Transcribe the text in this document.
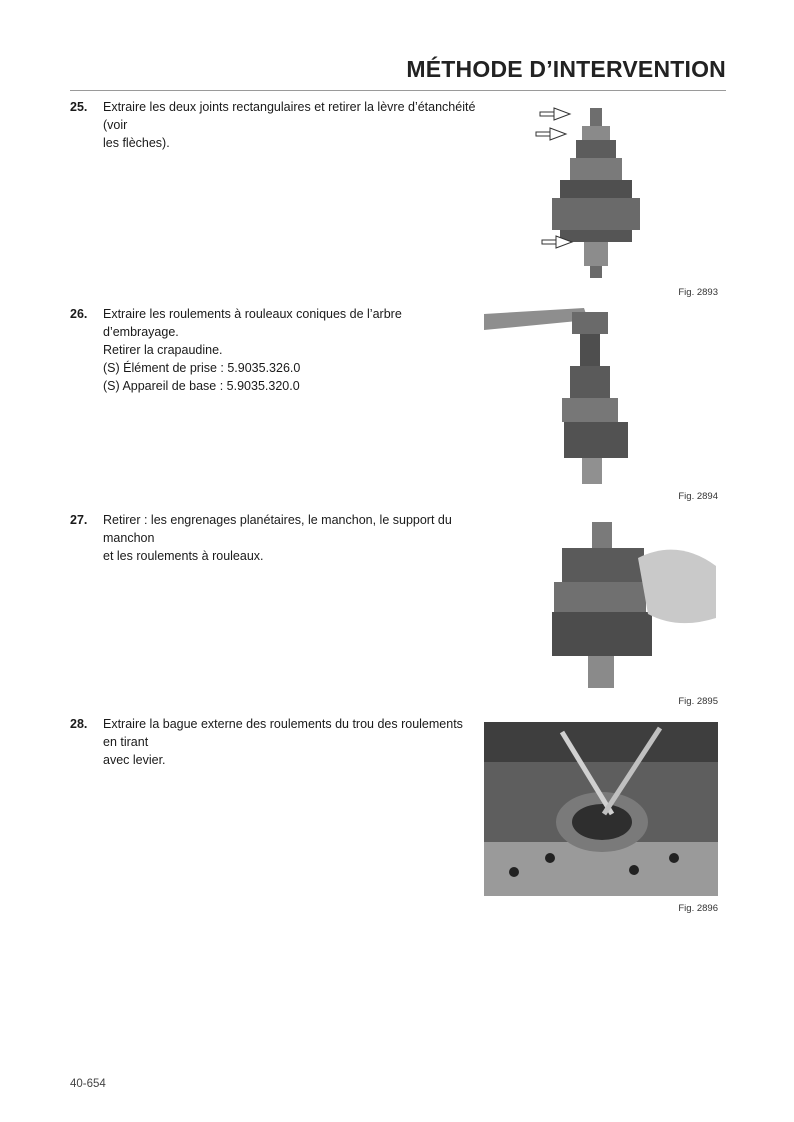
MÉTHODE D’INTERVENTION
25. Extraire les deux joints rectangulaires et retirer la lèvre d’étanchéité (voir
les flèches).
Fig. 2893
26. Extraire les roulements à rouleaux coniques de l’arbre d’embrayage.
Retirer la crapaudine.
(S) Élément de prise : 5.9035.326.0
(S) Appareil de base : 5.9035.320.0
Fig. 2894
27. Retirer : les engrenages planétaires, le manchon, le support du manchon
et les roulements à rouleaux.
Fig. 2895
28. Extraire la bague externe des roulements du trou des roulements en tirant
avec levier.
Fig. 2896
40-654
